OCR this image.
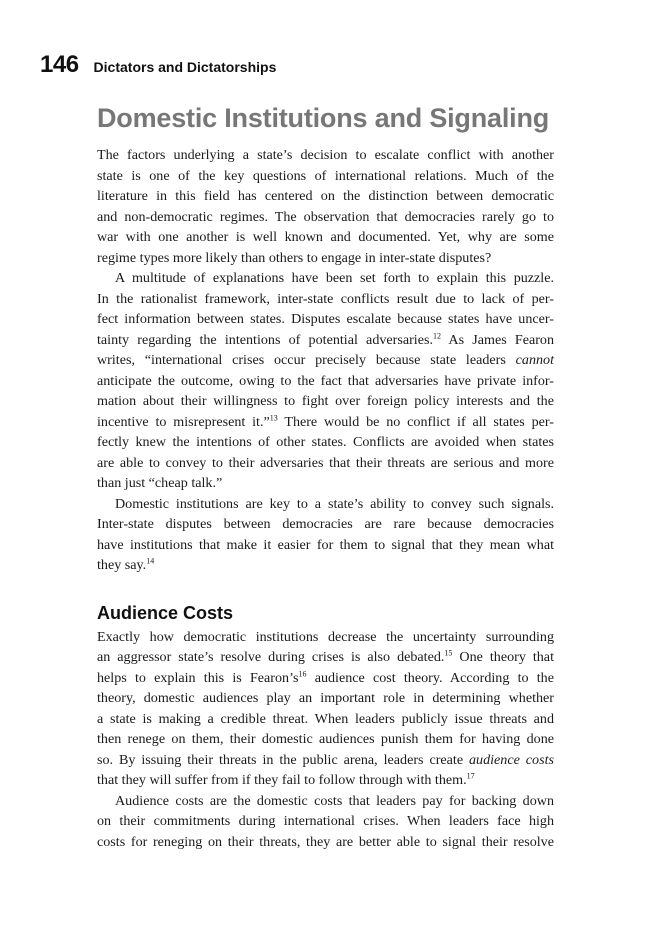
146 Dictators and Dictatorships
Domestic Institutions and Signaling

The factors underlying a state’s decision to escalate conflict with another
state is one of the key questions of international relations. Much of the
literature in this field has centered on the distinction between democratic
and non-democratic regimes. The observation that democracies rarely go to
war with one another is well known and documented. Yet, why are some
regime types more likely than others to engage in inter-state disputes?

A multitude of explanations have been set forth to explain this puzzle.
In the rationalist framework, inter-state conflicts result due to lack of per-
fect information between states. Disputes escalate because states have uncer-
tainty regarding the intentions of potential adversaries.$^{12}$ As James Fearon
writes, “international crises occur precisely because state leaders cannot
anticipate the outcome, owing to the fact that adversaries have private infor-
mation about their willingness to fight over foreign policy interests and the
incentive to misrepresent it.”$^{13}$ There would be no conflict if all states per-
fectly knew the intentions of other states. Conflicts are avoided when states
are able to convey to their adversaries that their threats are serious and more
than just “cheap talk.”

Domestic institutions are key to a state’s ability to convey such signals.
Inter-state disputes between democracies are rare because democracies
have institutions that make it easier for them to signal that they mean what
they say.$^{14}$

Audience Costs

Exactly how democratic institutions decrease the uncertainty surrounding
an aggressor state’s resolve during crises is also debated.$^{15}$ One theory that
helps to explain this is $Fearon’s^{16}$ audience cost theory. According to the
theory, domestic audiences play an important role in determining whether
a state is making a credible threat. When leaders publicly issue threats and
then renege on them, their domestic audiences punish them for having done
so. By issuing their threats in the public arena, leaders create audience costs
that they will suffer from if they fail to follow through with them.$^{17}$

Audience costs are the domestic costs that leaders pay for backing down
on their commitments during international crises. When leaders face high
costs for reneging on their threats, they are better able to signal their resolve
